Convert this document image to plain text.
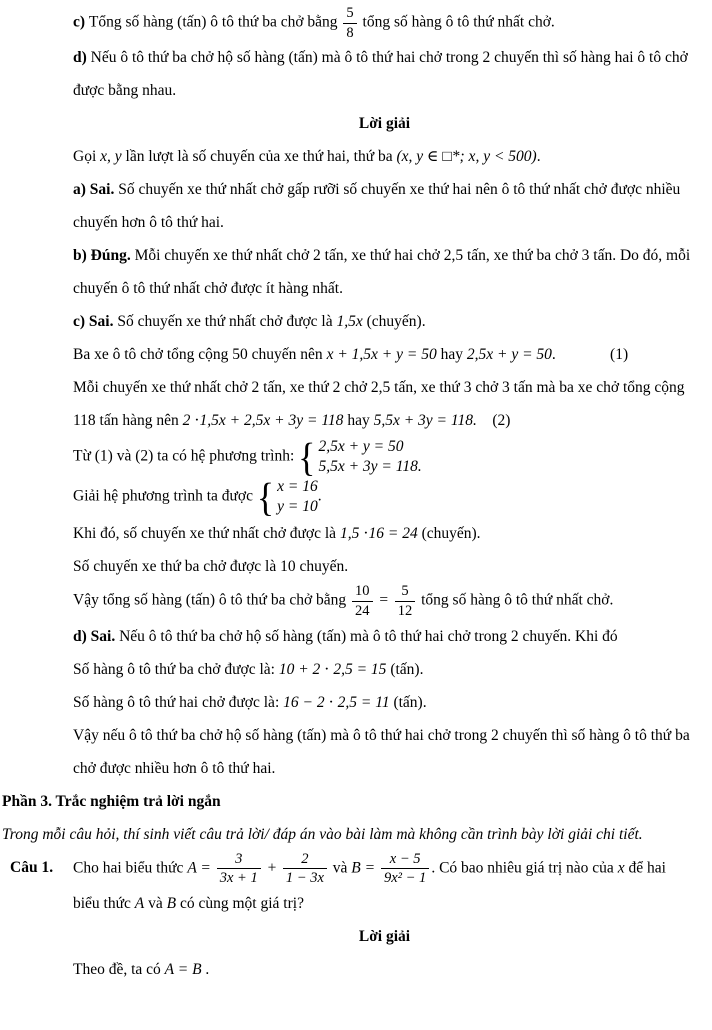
c) Tổng số hàng (tấn) ô tô thứ ba chở bằng $\frac{5}{8}$ tổng số hàng ô tô thứ nhất chở.
d) Nếu ô tô thứ ba chở hộ số hàng (tấn) mà ô tô thứ hai chở trong 2 chuyến thì số hàng hai ô tô chở được bằng nhau.
Lời giải
Gọi x, y lần lượt là số chuyến của xe thứ hai, thứ ba (x, y ∈ □*; x, y < 500).
a) Sai. Số chuyến xe thứ nhất chở gấp rưỡi số chuyến xe thứ hai nên ô tô thứ nhất chở được nhiều chuyến hơn ô tô thứ hai.
b) Đúng. Mỗi chuyến xe thứ nhất chở 2 tấn, xe thứ hai chở 2,5 tấn, xe thứ ba chở 3 tấn. Do đó, mỗi chuyến ô tô thứ nhất chở được ít hàng nhất.
c) Sai. Số chuyến xe thứ nhất chở được là 1,5x (chuyến).
Ba xe ô tô chở tổng cộng 50 chuyến nên x + 1,5x + y = 50 hay 2,5x + y = 50.              (1)
Mỗi chuyến xe thứ nhất chở 2 tấn, xe thứ 2 chở 2,5 tấn, xe thứ 3 chở 3 tấn mà ba xe chở tổng cộng 118 tấn hàng nên 2 ⋅1,5x + 2,5x + 3y = 118 hay 5,5x + 3y = 118.    (2)
Từ (1) và (2) ta có hệ phương trình: { 2,5x + y = 50
5,5x + 3y = 118.
Giải hệ phương trình ta được { x = 16
y = 10
.
Khi đó, số chuyến xe thứ nhất chở được là 1,5 ⋅16 = 24 (chuyến).
Số chuyến xe thứ ba chở được là 10 chuyến.
Vậy tổng số hàng (tấn) ô tô thứ ba chở bằng $\frac{10}{24} = \frac{5}{12}$ tổng số hàng ô tô thứ nhất chở.
d) Sai. Nếu ô tô thứ ba chở hộ số hàng (tấn) mà ô tô thứ hai chở trong 2 chuyến. Khi đó
Số hàng ô tô thứ ba chở được là: 10 + 2 ⋅ 2,5 = 15 (tấn).
Số hàng ô tô thứ hai chở được là: 16 − 2 ⋅ 2,5 = 11 (tấn).
Vậy nếu ô tô thứ ba chở hộ số hàng (tấn) mà ô tô thứ hai chở trong 2 chuyến thì số hàng ô tô thứ ba chở được nhiều hơn ô tô thứ hai.
Phần 3. Trắc nghiệm trả lời ngắn
Trong mỗi câu hỏi, thí sinh viết câu trả lời/ đáp án vào bài làm mà không cần trình bày lời giải chi tiết.
Câu 1. Cho hai biểu thức $A = \frac{3}{3x + 1} + \frac{2}{1 - 3x}$ và $B = \frac{x - 5}{\text{9x² − 1}}$ . Có bao nhiêu giá trị nào của x để hai
biểu thức A và B có cùng một giá trị?
Lời giải
Theo đề, ta có A = B .
